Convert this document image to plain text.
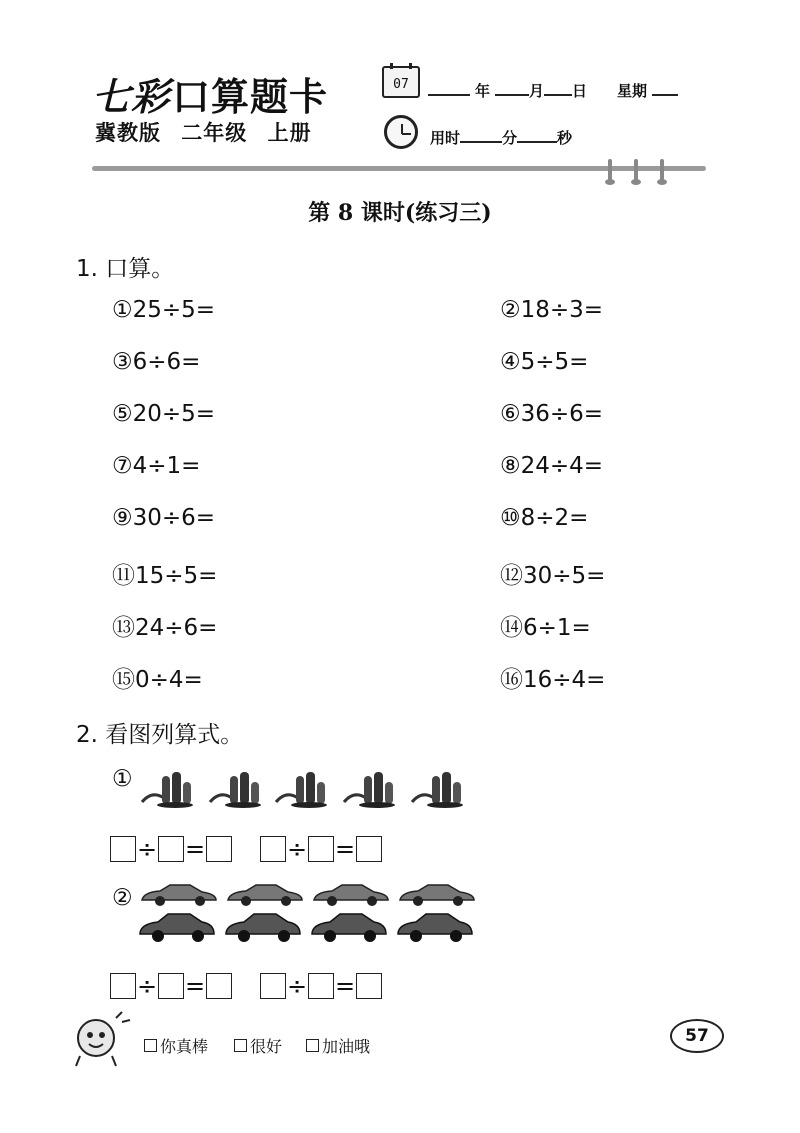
七彩口算题卡
冀教版 二年级 上册
07	年	月 日 星期
用时	分	秒
第 8 课时(练习三)
1. 口算。
①25÷5=	②18÷3=
③6÷6=	④5÷5=
⑤20÷5=	⑥36÷6=
⑦4÷1=	⑧24÷4=
⑨30÷6=	⑩8÷2=
⑪15÷5=	⑫30÷5=
⑬24÷6=	⑭6÷1=
⑮0÷4=	⑯16÷4=
2. 看图列算式。
①
÷ =	÷ =
②
÷ =	÷ =
你真棒	很好 加油哦
57
